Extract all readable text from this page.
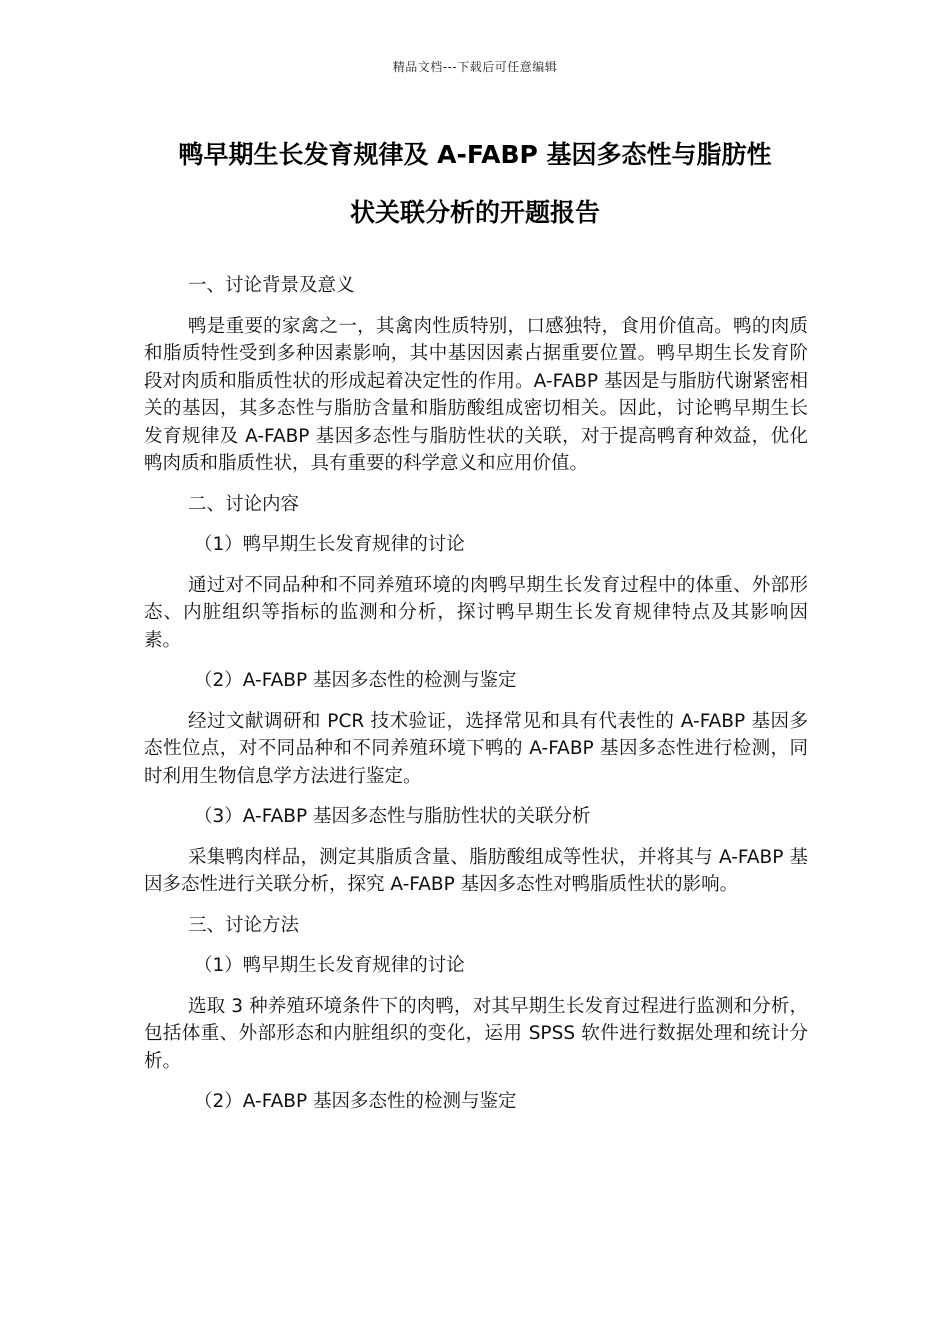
精品文档---下载后可任意编辑
鸭早期生长发育规律及 A-FABP 基因多态性与脂肪性
状关联分析的开题报告
一、讨论背景及意义

鸭是重要的家禽之一，其禽肉性质特别，口感独特，食用价值高。鸭的肉质和脂质特性受到多种因素影响，其中基因因素占据重要位置。鸭早期生长发育阶段对肉质和脂质性状的形成起着决定性的作用。A-FABP 基因是与脂肪代谢紧密相关的基因，其多态性与脂肪含量和脂肪酸组成密切相关。因此，讨论鸭早期生长发育规律及 A-FABP 基因多态性与脂肪性状的关联，对于提高鸭育种效益，优化鸭肉质和脂质性状，具有重要的科学意义和应用价值。

二、讨论内容
（1）鸭早期生长发育规律的讨论

通过对不同品种和不同养殖环境的肉鸭早期生长发育过程中的体重、外部形态、内脏组织等指标的监测和分析，探讨鸭早期生长发育规律特点及其影响因素。

（2）A-FABP 基因多态性的检测与鉴定

经过文献调研和 PCR 技术验证，选择常见和具有代表性的 A-FABP 基因多态性位点，对不同品种和不同养殖环境下鸭的 A-FABP 基因多态性进行检测，同时利用生物信息学方法进行鉴定。

（3）A-FABP 基因多态性与脂肪性状的关联分析

采集鸭肉样品，测定其脂质含量、脂肪酸组成等性状，并将其与 A-FABP 基因多态性进行关联分析，探究 A-FABP 基因多态性对鸭脂质性状的影响。

三、讨论方法
（1）鸭早期生长发育规律的讨论

选取 3 种养殖环境条件下的肉鸭，对其早期生长发育过程进行监测和分析，包括体重、外部形态和内脏组织的变化，运用 SPSS 软件进行数据处理和统计分析。

（2）A-FABP 基因多态性的检测与鉴定
